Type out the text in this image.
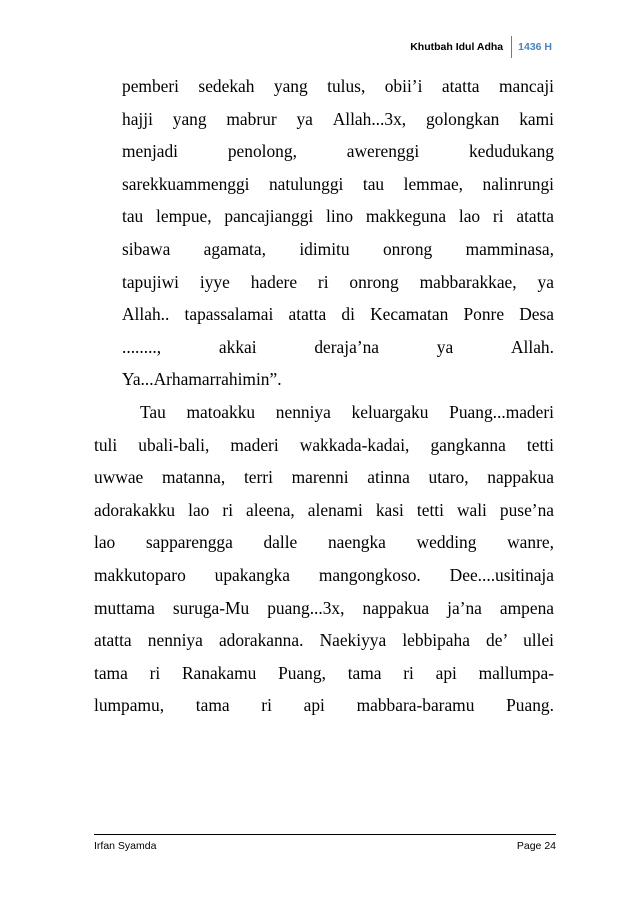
Khutbah Idul Adha	1436 H
pemberi sedekah yang tulus, obii’i atatta mancaji
hajji yang mabrur ya Allah...3x, golongkan kami
menjadi	penolong,	awerenggi	kedudukang
sarekkuammenggi natulunggi tau lemmae, nalinrungi
tau lempue, pancajianggi lino makkeguna lao ri atatta
sibawa agamata, idimitu onrong mamminasa,
tapujiwi iyye hadere ri onrong mabbarakkae, ya
Allah.. tapassalamai atatta di Kecamatan Ponre Desa
........,	akkai	deraja’na	ya	Allah.
Ya...Arhamarrahimin”.
Tau matoakku nenniya keluargaku Puang...maderi
tuli ubali-bali, maderi wakkada-kadai, gangkanna tetti
uwwae matanna, terri marenni atinna utaro, nappakua
adorakakku lao ri aleena, alenami kasi tetti wali puse’na
lao sapparengga dalle naengka wedding wanre,
makkutoparo upakangka mangongkoso. Dee....usitinaja
muttama suruga-Mu puang...3x, nappakua ja’na ampena
atatta nenniya adorakanna. Naekiyya lebbipaha de’ ullei
tama ri Ranakamu Puang, tama ri api mallumpa-
lumpamu, tama ri api mabbara-baramu Puang.
Irfan Syamda	Page 24
